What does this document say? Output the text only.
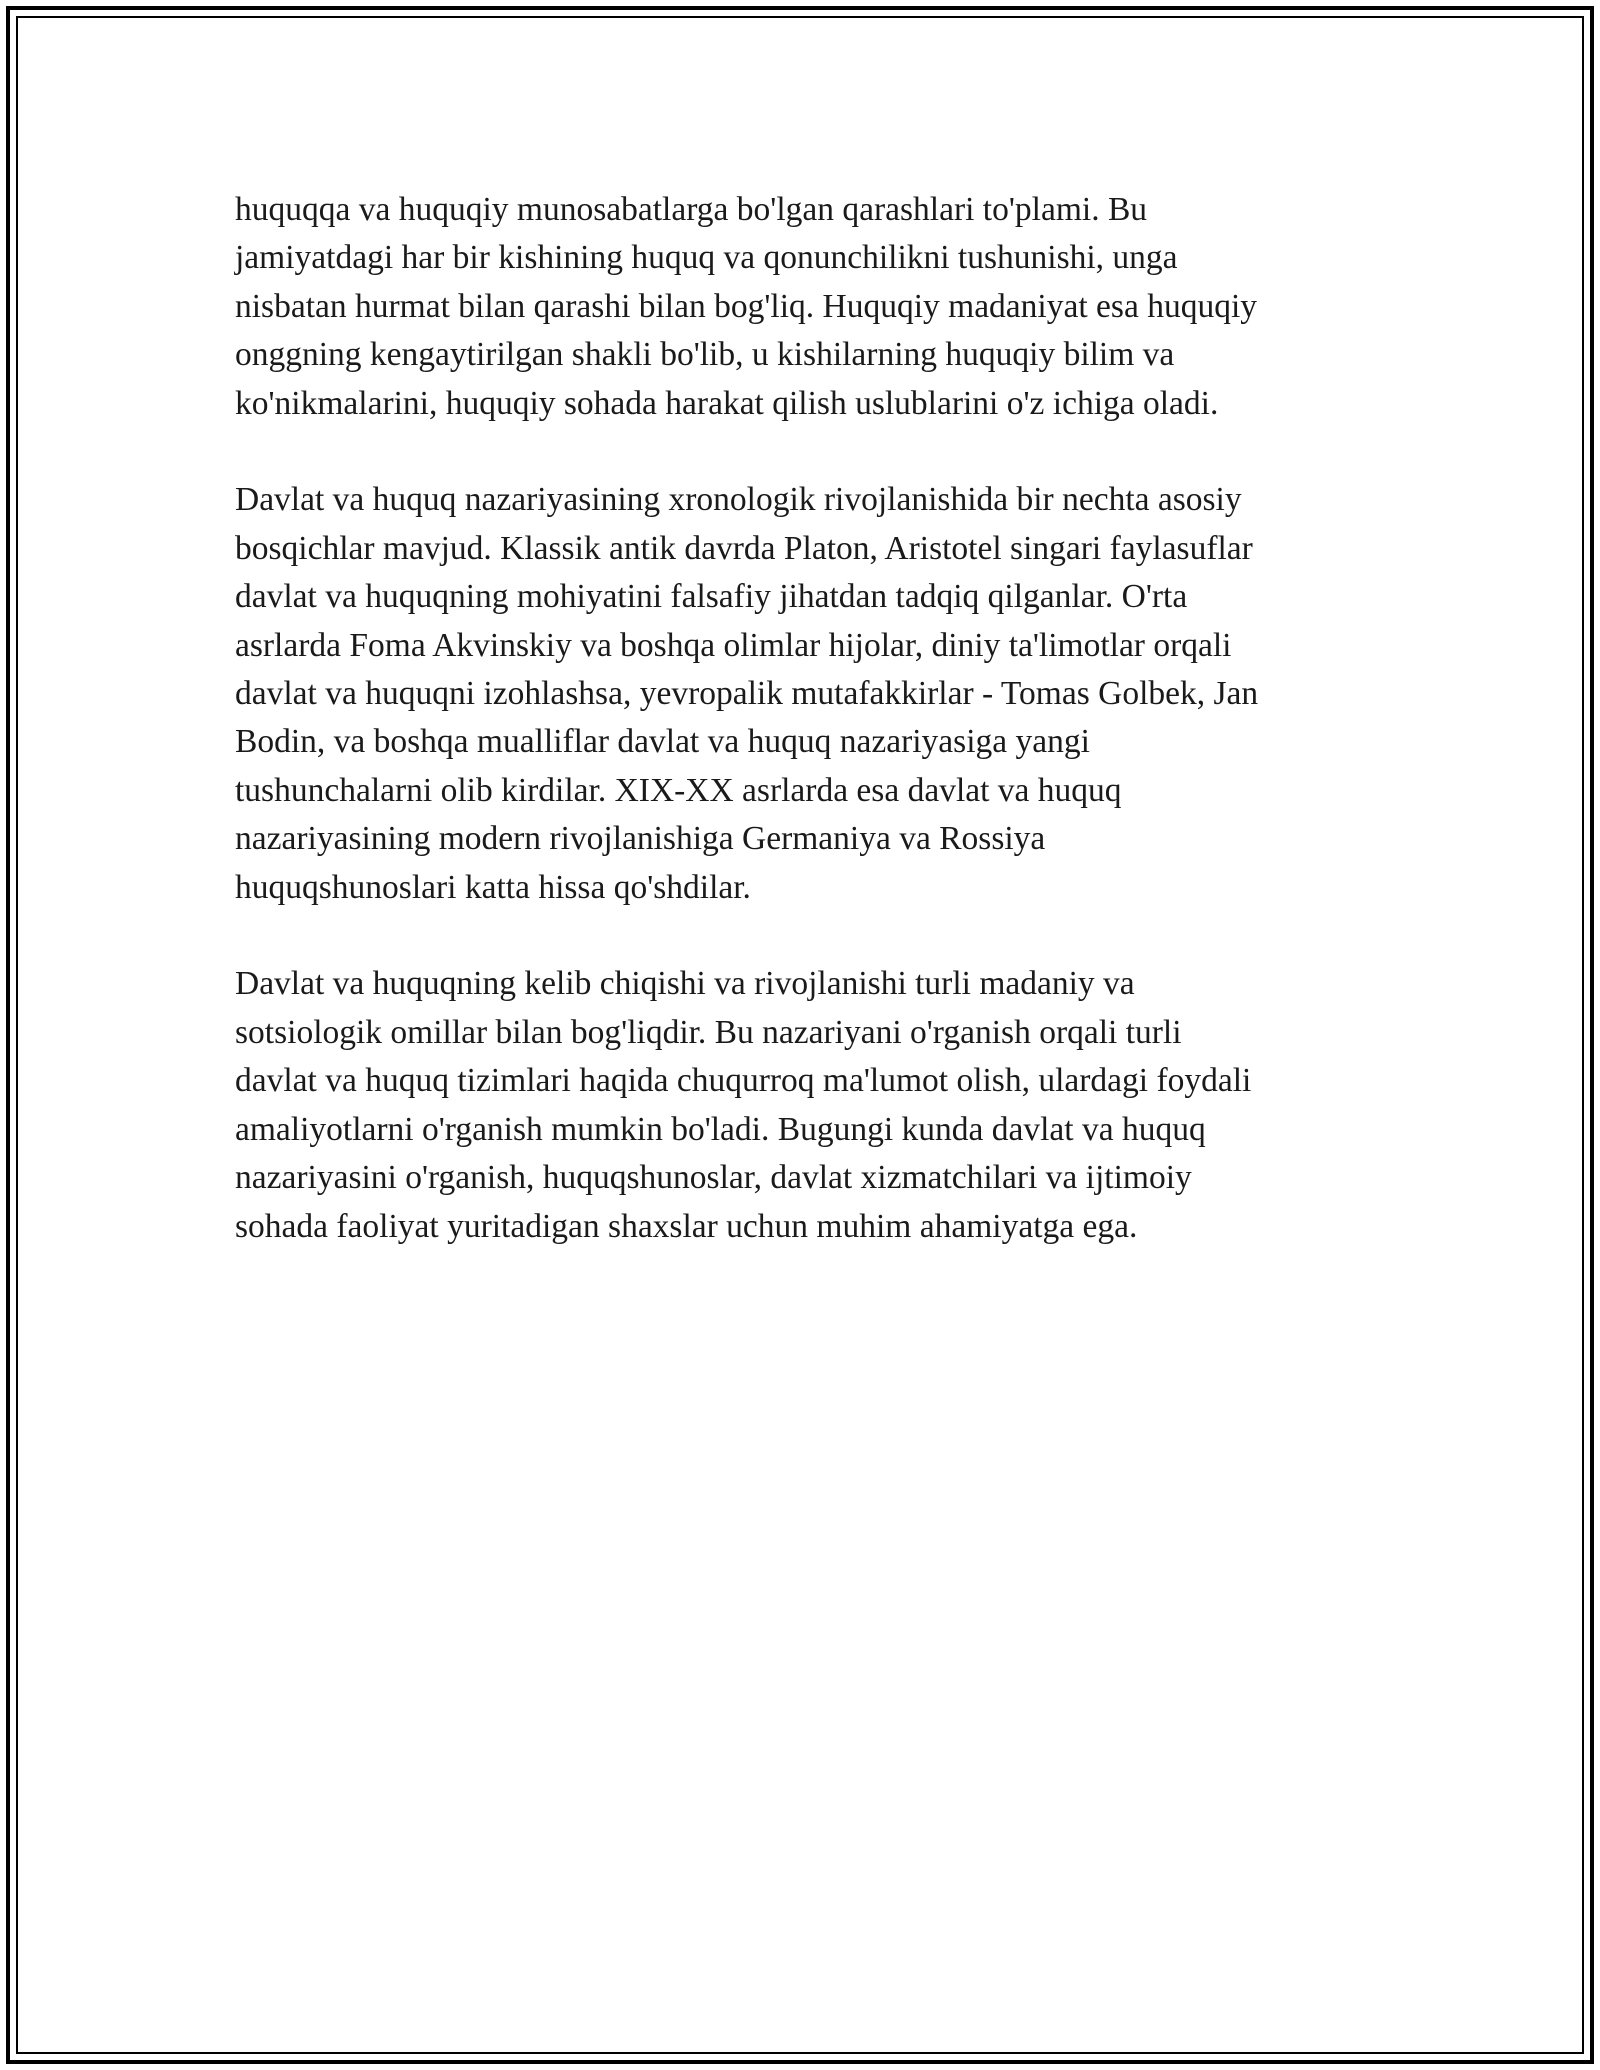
huquqqa va huquqiy munosabatlarga bo'lgan qarashlari to'plami. Bu
jamiyatdagi har bir kishining huquq va qonunchilikni tushunishi, unga
nisbatan hurmat bilan qarashi bilan bog'liq. Huquqiy madaniyat esa huquqiy
onggning kengaytirilgan shakli bo'lib, u kishilarning huquqiy bilim va
ko'nikmalarini, huquqiy sohada harakat qilish uslublarini o'z ichiga oladi.

Davlat va huquq nazariyasining xronologik rivojlanishida bir nechta asosiy
bosqichlar mavjud. Klassik antik davrda Platon, Aristotel singari faylasuflar
davlat va huquqning mohiyatini falsafiy jihatdan tadqiq qilganlar. O'rta
asrlarda Foma Akvinskiy va boshqa olimlar hijolar, diniy ta'limotlar orqali
davlat va huquqni izohlashsa, yevropalik mutafakkirlar - Tomas Golbek, Jan
Bodin, va boshqa mualliflar davlat va huquq nazariyasiga yangi
tushunchalarni olib kirdilar. XIX-XX asrlarda esa davlat va huquq
nazariyasining modern rivojlanishiga Germaniya va Rossiya
huquqshunoslari katta hissa qo'shdilar.

Davlat va huquqning kelib chiqishi va rivojlanishi turli madaniy va
sotsiologik omillar bilan bog'liqdir. Bu nazariyani o'rganish orqali turli
davlat va huquq tizimlari haqida chuqurroq ma'lumot olish, ulardagi foydali
amaliyotlarni o'rganish mumkin bo'ladi. Bugungi kunda davlat va huquq
nazariyasini o'rganish, huquqshunoslar, davlat xizmatchilari va ijtimoiy
sohada faoliyat yuritadigan shaxslar uchun muhim ahamiyatga ega.
